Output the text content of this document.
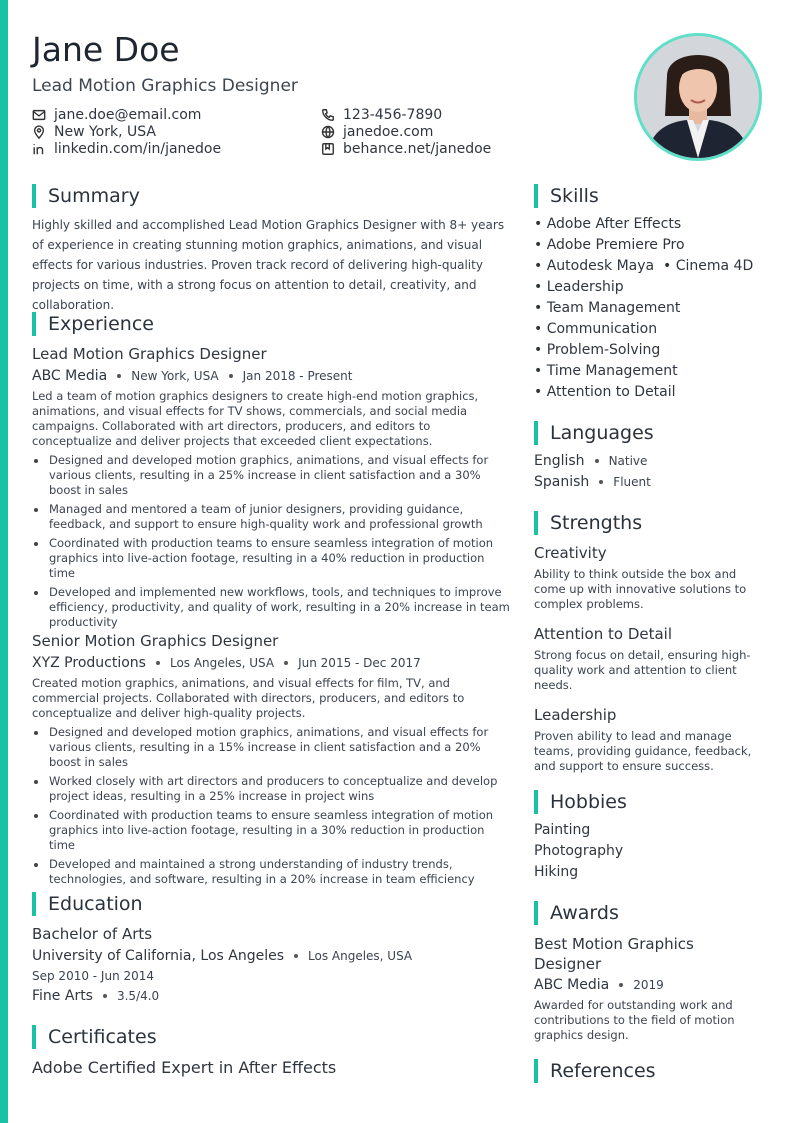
Jane Doe
Lead Motion Graphics Designer
jane.doe@email.com
New York, USA
linkedin.com/in/janedoe
123-456-7890
janedoe.com
behance.net/janedoe
Summary
Highly skilled and accomplished Lead Motion Graphics Designer with 8+ years of experience in creating stunning motion graphics, animations, and visual effects for various industries. Proven track record of delivering high-quality projects on time, with a strong focus on attention to detail, creativity, and collaboration.
Experience
Lead Motion Graphics Designer
ABC Media New York, USA Jan 2018 - Present
Led a team of motion graphics designers to create high-end motion graphics, animations, and visual effects for TV shows, commercials, and social media campaigns. Collaborated with art directors, producers, and editors to conceptualize and deliver projects that exceeded client expectations.
Designed and developed motion graphics, animations, and visual effects for various clients, resulting in a 25% increase in client satisfaction and a 30% boost in sales
Managed and mentored a team of junior designers, providing guidance, feedback, and support to ensure high-quality work and professional growth
Coordinated with production teams to ensure seamless integration of motion graphics into live-action footage, resulting in a 40% reduction in production time
Developed and implemented new workflows, tools, and techniques to improve efficiency, productivity, and quality of work, resulting in a 20% increase in team productivity
Senior Motion Graphics Designer
XYZ Productions Los Angeles, USA Jun 2015 - Dec 2017
Created motion graphics, animations, and visual effects for film, TV, and commercial projects. Collaborated with directors, producers, and editors to conceptualize and deliver high-quality projects.
Designed and developed motion graphics, animations, and visual effects for various clients, resulting in a 15% increase in client satisfaction and a 20% boost in sales
Worked closely with art directors and producers to conceptualize and develop project ideas, resulting in a 25% increase in project wins
Coordinated with production teams to ensure seamless integration of motion graphics into live-action footage, resulting in a 30% reduction in production time
Developed and maintained a strong understanding of industry trends, technologies, and software, resulting in a 20% increase in team efficiency
Education
Bachelor of Arts
University of California, Los Angeles Los Angeles, USA
Sep 2010 - Jun 2014
Fine Arts 3.5/4.0
Certificates
Adobe Certified Expert in After Effects
Skills
• Adobe After Effects
• Adobe Premiere Pro
• Autodesk Maya  • Cinema 4D
• Leadership
• Team Management
• Communication
• Problem-Solving
• Time Management
• Attention to Detail
Languages
English Native
Spanish Fluent
Strengths
Creativity
Ability to think outside the box and come up with innovative solutions to complex problems.
Attention to Detail
Strong focus on detail, ensuring high-quality work and attention to client needs.
Leadership
Proven ability to lead and manage teams, providing guidance, feedback, and support to ensure success.
Hobbies
Painting
Photography
Hiking
Awards
Best Motion Graphics Designer
ABC Media 2019
Awarded for outstanding work and contributions to the field of motion graphics design.
References
